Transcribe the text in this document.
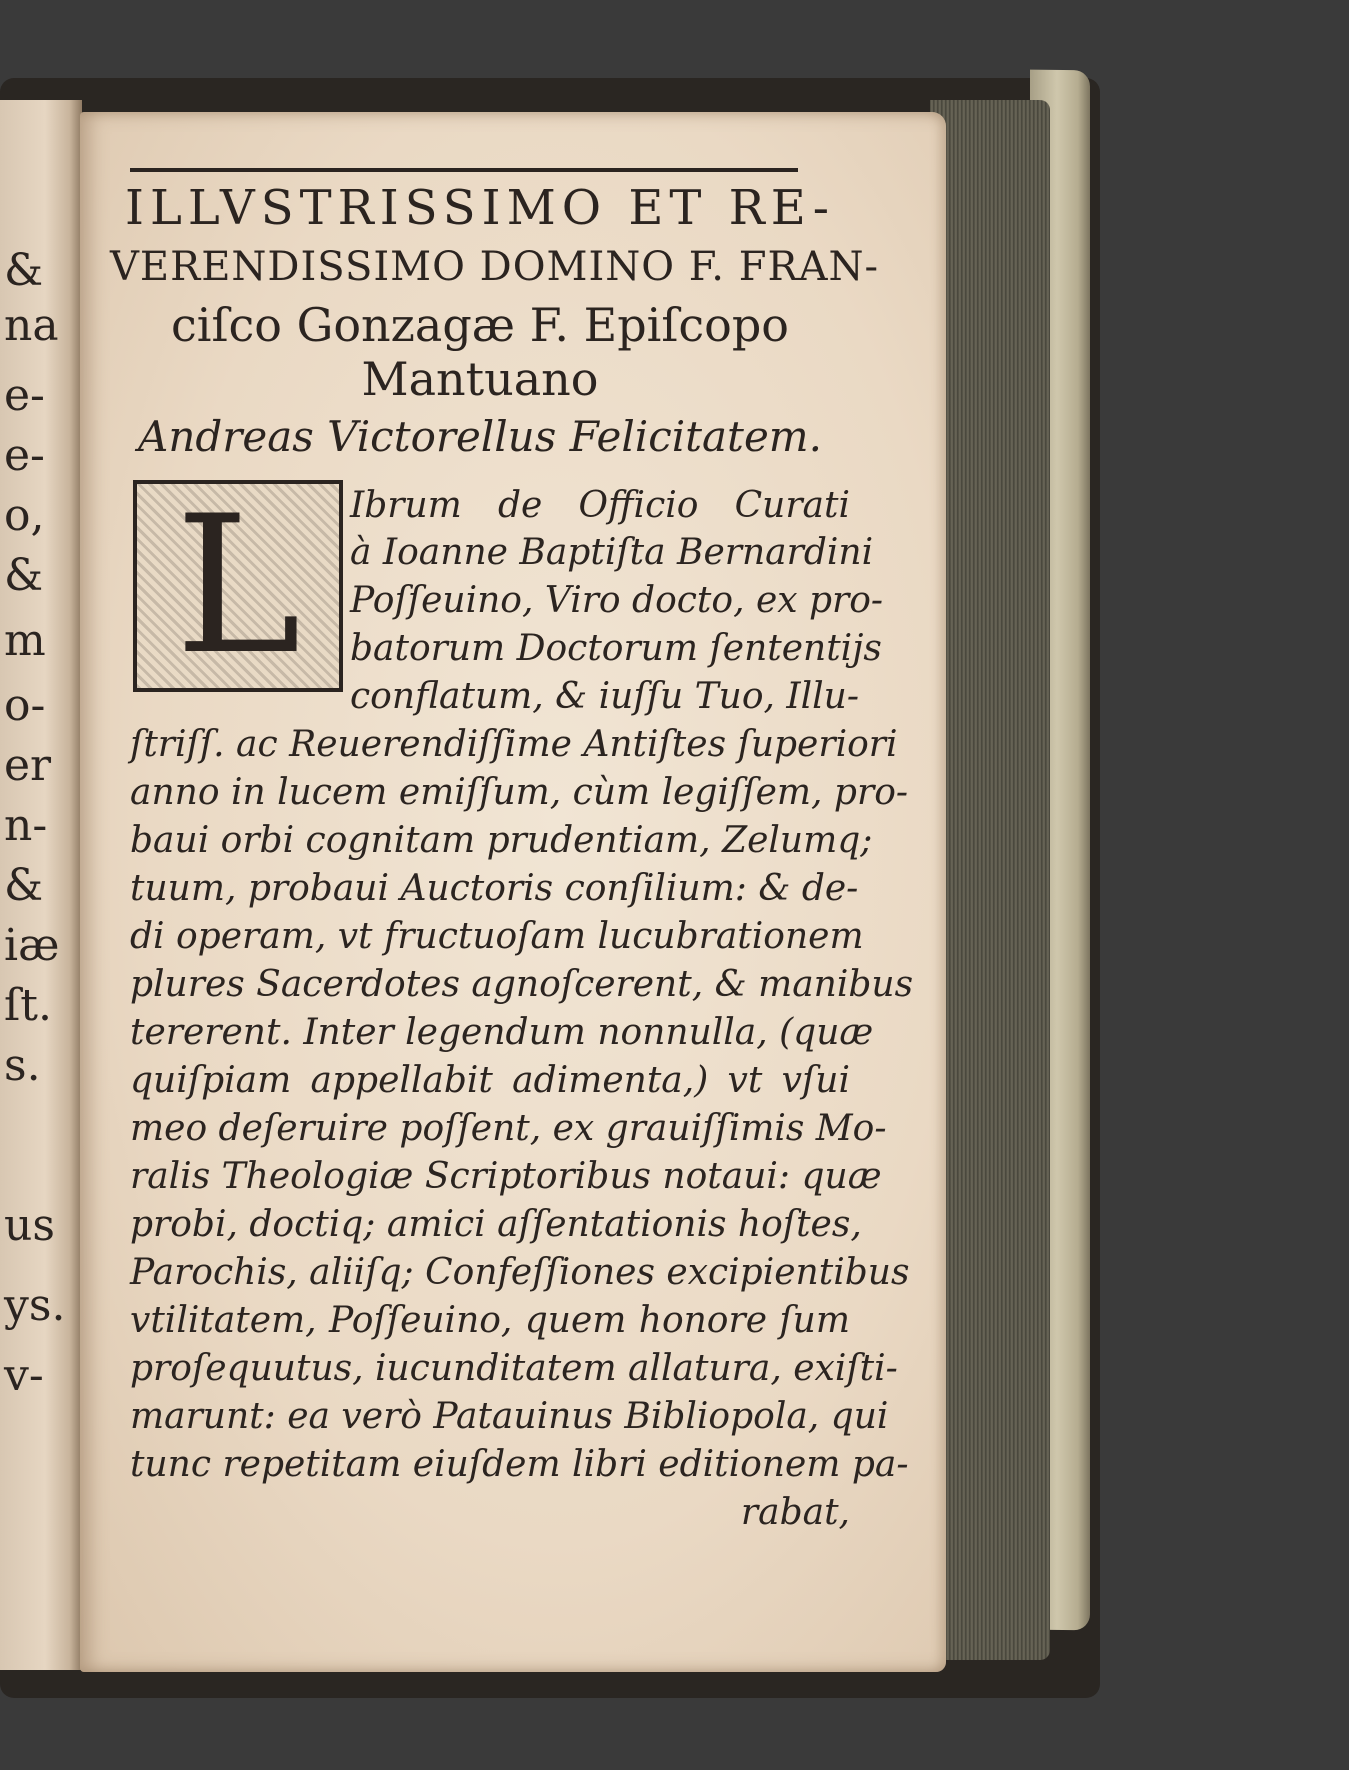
&
na
e-
e-
o,
&
m
o-
er
n-
&
iæ
ſt.
s.
us
ys.
v-
ILLVSTRISSIMO ET RE-
VERENDISSIMO DOMINO F. FRAN-
ciſco Gonzagæ F. Epiſcopo
Mantuano
Andreas Victorellus Felicitatem.
L	Ibrum de Officio Curati
à Ioanne Baptiſta Bernardini
Poſſeuino, Viro docto, ex pro-
batorum Doctorum ſententijs
conflatum, & iuſſu Tuo, Illu-
ſtriſſ. ac Reuerendiſſime Antiſtes ſuperiori
anno in lucem emiſſum, cùm legiſſem, pro-
baui orbi cognitam prudentiam, Zelumq;
tuum, probaui Auctoris conſilium: & de-
di operam, vt fructuoſam lucubrationem
plures Sacerdotes agnoſcerent, & manibus
tererent. Inter legendum nonnulla, (quæ
quiſpiam appellabit adimenta,) vt vſui
meo deſeruire poſſent, ex grauiſſimis Mo-
ralis Theologiæ Scriptoribus notaui: quæ
probi, doctiq; amici aſſentationis hoſtes,
Parochis, aliiſq; Confeſſiones excipientibus
vtilitatem, Poſſeuino, quem honore ſum
proſequutus, iucunditatem allatura, exiſti-
marunt: ea verò Patauinus Bibliopola, qui
tunc repetitam eiuſdem libri editionem pa-
rabat,
